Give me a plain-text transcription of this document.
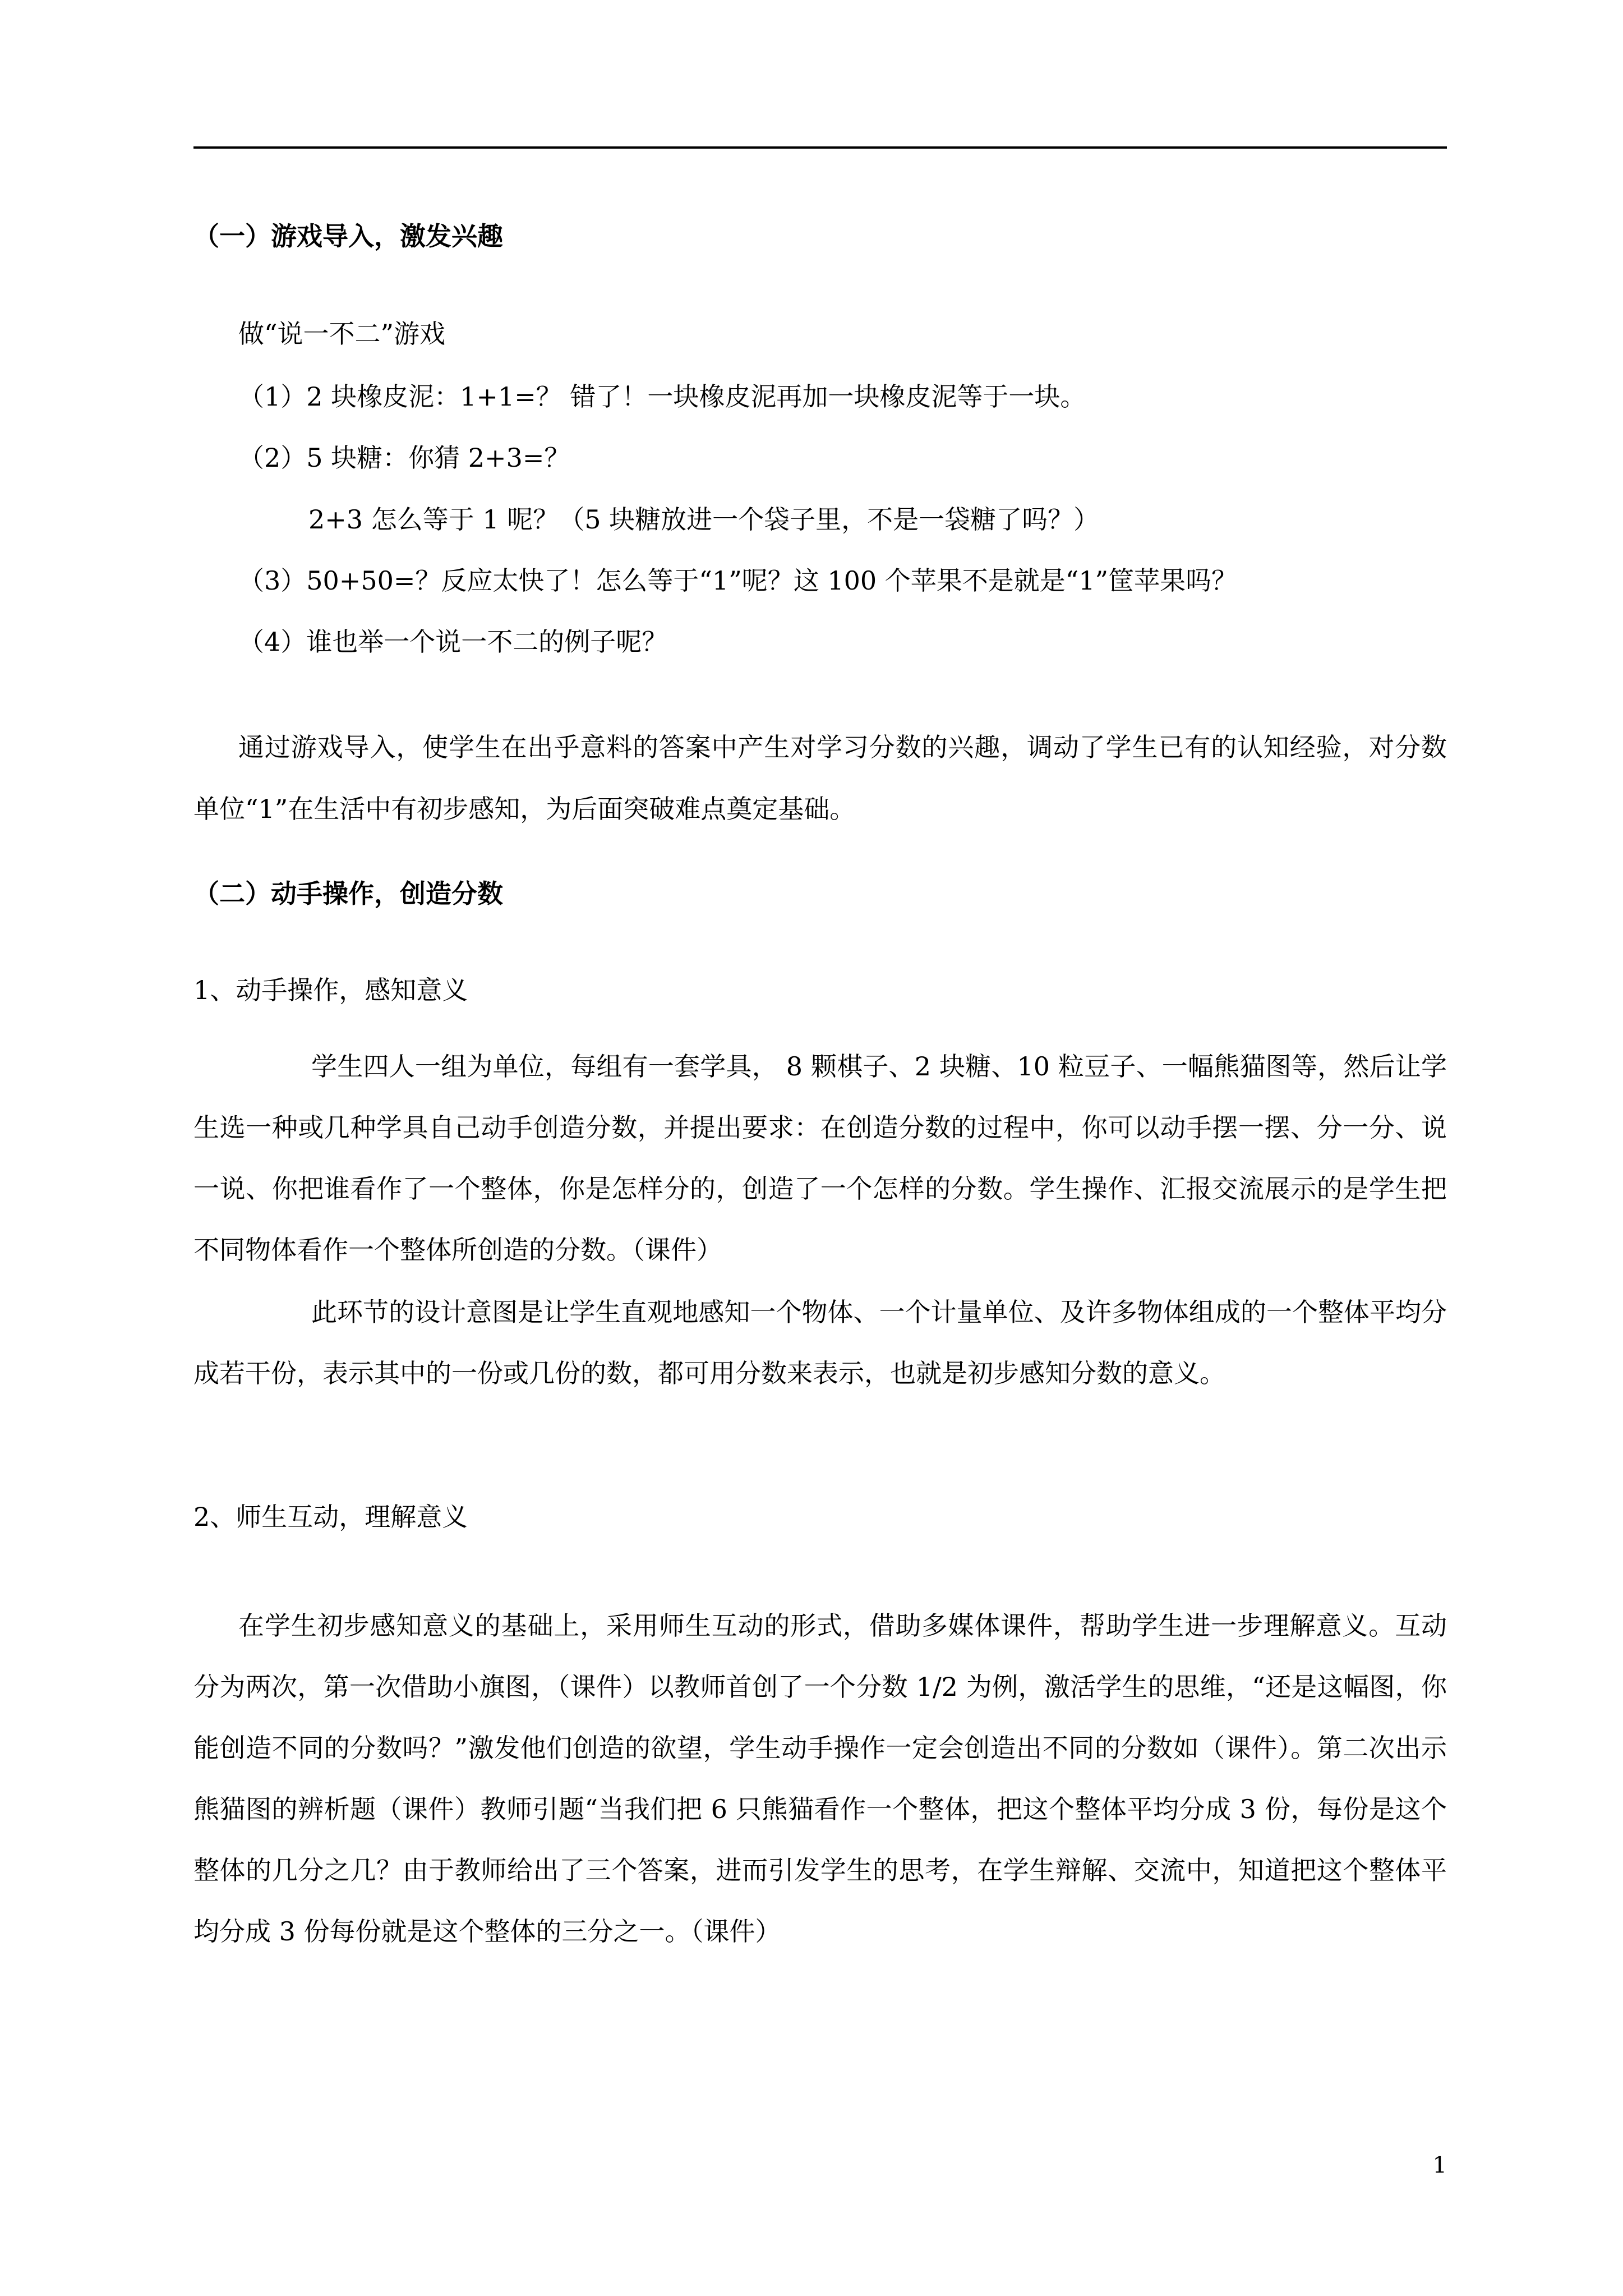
（一）游戏导入，激发兴趣
做“说一不二”游戏
（1）2 块橡皮泥：1+1=？ 错了！一块橡皮泥再加一块橡皮泥等于一块。
（2）5 块糖：你猜 2+3=？
2+3 怎么等于 1 呢？（5 块糖放进一个袋子里，不是一袋糖了吗？）
（3）50+50=？反应太快了！怎么等于“1”呢？这 100 个苹果不是就是“1”筐苹果吗？
（4）谁也举一个说一不二的例子呢？
通过游戏导入，使学生在出乎意料的答案中产生对学习分数的兴趣，调动了学生已有的认知经验，对分数单位“1”在生活中有初步感知，为后面突破难点奠定基础。
（二）动手操作，创造分数
1、动手操作，感知意义
学生四人一组为单位，每组有一套学具， 8 颗棋子、2 块糖、10 粒豆子、一幅熊猫图等，然后让学生选一种或几种学具自己动手创造分数，并提出要求：在创造分数的过程中，你可以动手摆一摆、分一分、说一说、你把谁看作了一个整体，你是怎样分的，创造了一个怎样的分数。学生操作、汇报交流展示的是学生把不同物体看作一个整体所创造的分数。（课件）
此环节的设计意图是让学生直观地感知一个物体、一个计量单位、及许多物体组成的一个整体平均分成若干份，表示其中的一份或几份的数，都可用分数来表示，也就是初步感知分数的意义。
2、师生互动，理解意义
在学生初步感知意义的基础上，采用师生互动的形式，借助多媒体课件，帮助学生进一步理解意义。互动分为两次，第一次借助小旗图，（课件）以教师首创了一个分数 1/2 为例，激活学生的思维，“还是这幅图，你能创造不同的分数吗？”激发他们创造的欲望，学生动手操作一定会创造出不同的分数如（课件）。第二次出示熊猫图的辨析题（课件）教师引题“当我们把 6 只熊猫看作一个整体，把这个整体平均分成 3 份，每份是这个整体的几分之几？由于教师给出了三个答案，进而引发学生的思考，在学生辩解、交流中，知道把这个整体平均分成 3 份每份就是这个整体的三分之一。（课件）
1
